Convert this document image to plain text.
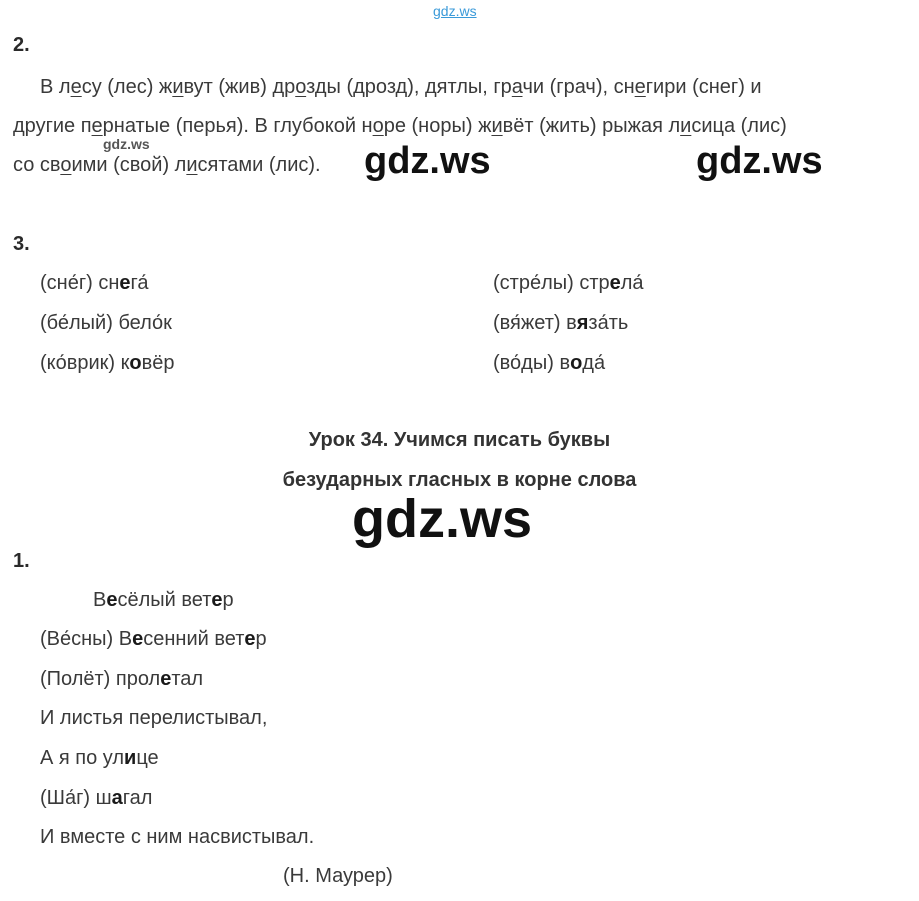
gdz.ws
gdz.ws	gdz.ws	gdz.ws
gdz.ws
2.
В лесу (лес) живут (жив) дрозды (дрозд), дятлы, грачи (грач), снегири (снег) и
другие пернатые (перья). В глубокой норе (норы) живёт (жить) рыжая лисица (лис)
со своими (свой) лисятами (лис).
3.
(сне́г) снега́
(бе́лый) бело́к
(ко́врик) ковёр
(стре́лы) стрела́
(вя́жет) вяза́ть
(во́ды) вода́
Урок 34. Учимся писать буквы
безударных гласных в корне слова
1.
Весёлый ветер
(Ве́сны) Весенний ветер
(Полёт) пролетал
И листья перелистывал,
А я по улице
(Ша́г) шагал
И вместе с ним насвистывал.
(Н. Маурер)
